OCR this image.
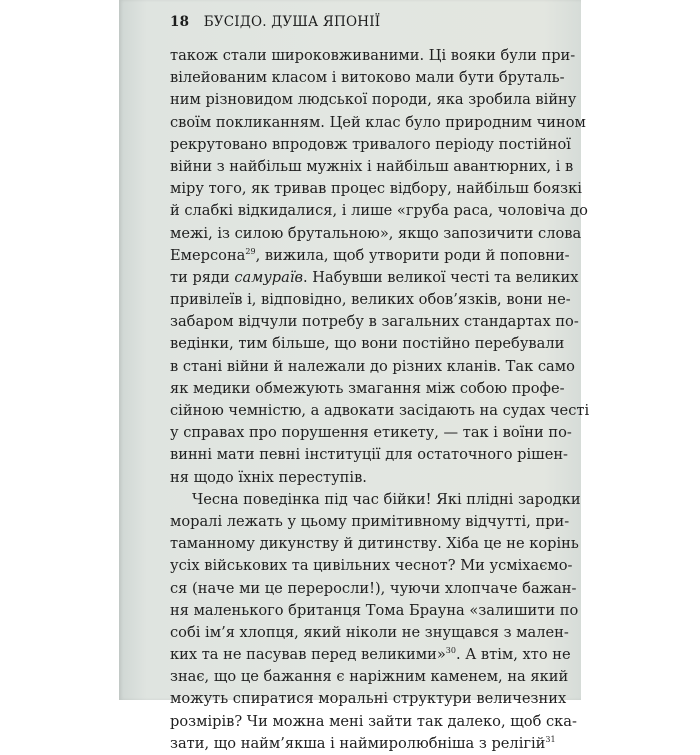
18 БУСІДО. ДУША ЯПОНІЇ
також стали широковживаними. Ці вояки були при-
вілейованим класом і витоково мали бути бруталь-
ним різновидом людської породи, яка зробила війну
своїм покликанням. Цей клас було природним чином
рекрутовано впродовж тривалого періоду постійної
війни з найбільш мужніх і найбільш авантюрних, і в
міру того, як тривав процес відбору, найбільш боязкі
й слабкі відкидалися, і лише «груба раса, чоловіча до
межі, із силою брутальною», якщо запозичити слова
Емерсона$^{29}$, вижила, щоб утворити роди й поповни-
ти ряди самураїв. Набувши великої честі та великих
привілеїв і, відповідно, великих обов’язків, вони не-
забаром відчули потребу в загальних стандартах по-
ведінки, тим більше, що вони постійно перебували
в стані війни й належали до різних кланів. Так само
як медики обмежують змагання між собою профе-
сійною чемністю, а адвокати засідають на судах честі
у справах про порушення етикету, — так і воїни по-
винні мати певні інституції для остаточного рішен-
ня щодо їхніх переступів.
Чесна поведінка під час бійки! Які плідні зародки
моралі лежать у цьому примітивному відчутті, при-
таманному дикунству й дитинству. Хіба це не корінь
усіх військових та цивільних чеснот? Ми усміхаємо-
ся (наче ми це переросли!), чуючи хлопчаче бажан-
ня маленького британця Тома Брауна «залишити по
собі ім’я хлопця, який ніколи не знущався з мален-
ких та не пасував перед великими»$^{30}$. А втім, хто не
знає, що це бажання є наріжним каменем, на який
можуть спиратися моральні структури величезних
розмірів? Чи можна мені зайти так далеко, щоб ска-
зати, що найм’якша і наймиролюбніша з релігій$^{31}$
